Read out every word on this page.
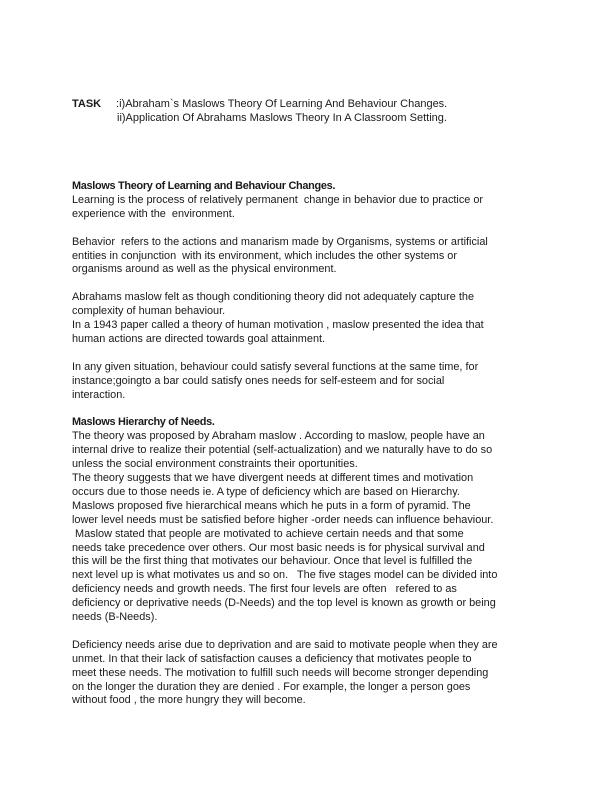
TASK :i)Abraham`s Maslows Theory Of Learning And Behaviour Changes.
ii)Application Of Abrahams Maslows Theory In A Classroom Setting.
Maslows Theory of Learning and Behaviour Changes.
Learning is the process of relatively permanent  change in behavior due to practice or
experience with the  environment.
Behavior  refers to the actions and manarism made by Organisms, systems or artificial
entities in conjunction  with its environment, which includes the other systems or
organisms around as well as the physical environment.
Abrahams maslow felt as though conditioning theory did not adequately capture the
complexity of human behaviour.
In a 1943 paper called a theory of human motivation , maslow presented the idea that
human actions are directed towards goal attainment.
In any given situation, behaviour could satisfy several functions at the same time, for
instance;goingto a bar could satisfy ones needs for self-esteem and for social
interaction.
Maslows Hierarchy of Needs.
The theory was proposed by Abraham maslow . According to maslow, people have an
internal drive to realize their potential (self-actualization) and we naturally have to do so
unless the social environment constraints their oportunities.
The theory suggests that we have divergent needs at different times and motivation
occurs due to those needs ie. A type of deficiency which are based on Hierarchy.
Maslows proposed five hierarchical means which he puts in a form of pyramid. The
lower level needs must be satisfied before higher -order needs can influence behaviour.
Maslow stated that people are motivated to achieve certain needs and that some
needs take precedence over others. Our most basic needs is for physical survival and
this will be the first thing that motivates our behaviour. Once that level is fulfilled the
next level up is what motivates us and so on.   The five stages model can be divided into
deficiency needs and growth needs. The first four levels are often   refered to as
deficiency or deprivative needs (D-Needs) and the top level is known as growth or being
needs (B-Needs).
Deficiency needs arise due to deprivation and are said to motivate people when they are
unmet. In that their lack of satisfaction causes a deficiency that motivates people to
meet these needs. The motivation to fulfill such needs will become stronger depending
on the longer the duration they are denied . For example, the longer a person goes
without food , the more hungry they will become.
